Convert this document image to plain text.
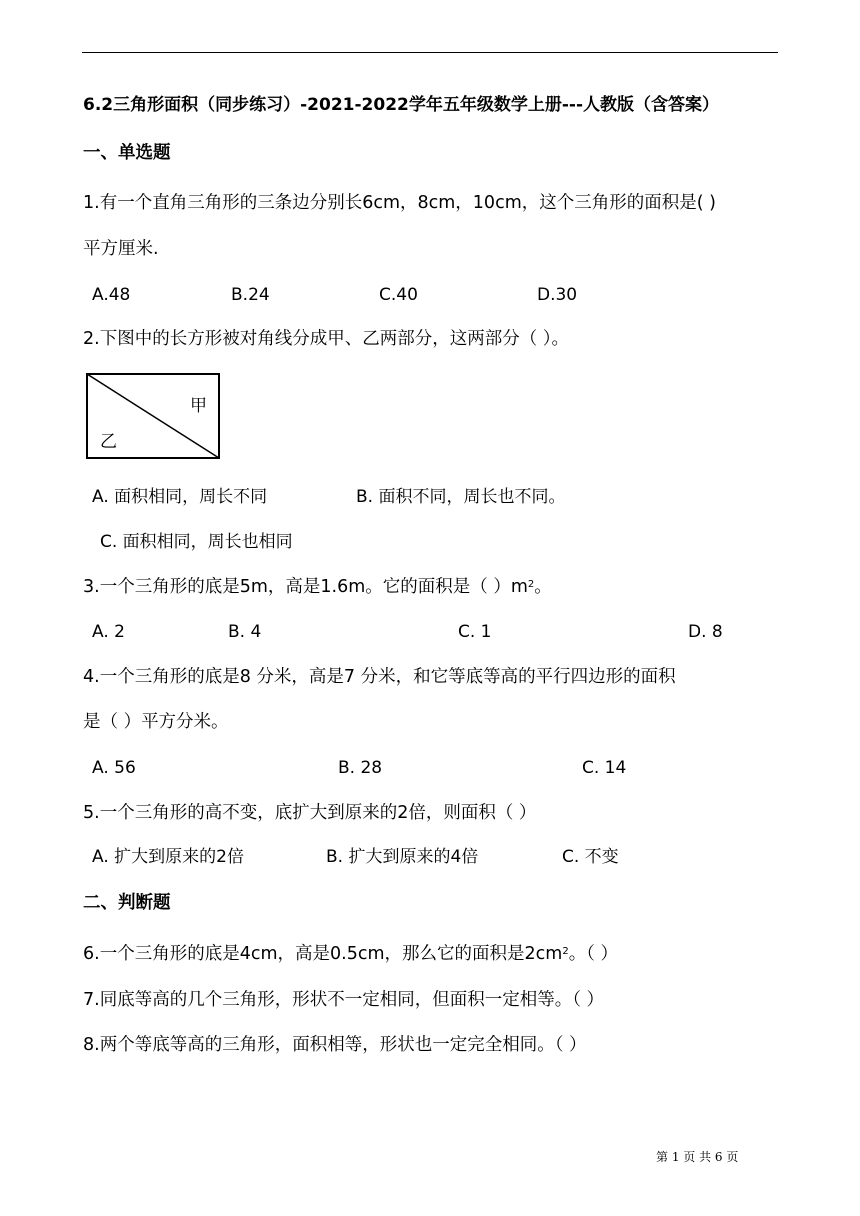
6.2三角形面积（同步练习）-2021-2022学年五年级数学上册---人教版（含答案）
一、单选题
1.有一个直角三角形的三条边分别长6cm，8cm，10cm，这个三角形的面积是( )
平方厘米.
A.48	B.24	C.40	D.30
2.下图中的长方形被对角线分成甲、乙两部分，这两部分（ ）。
甲
乙
A. 面积相同，周长不同	B. 面积不同，周长也不同。
C. 面积相同，周长也相同
3.一个三角形的底是5m，高是1.6m。它的面积是（ ）$m^2$。
A. 2	B. 4	C. 1	D. 8
4.一个三角形的底是8 分米，高是7 分米，和它等底等高的平行四边形的面积
是（ ）平方分米。
A. 56	B. 28	C. 14
5.一个三角形的高不变，底扩大到原来的2倍，则面积（ ）
A. 扩大到原来的2倍	B. 扩大到原来的4倍	C. 不变
二、判断题
6.一个三角形的底是4cm，高是0.5cm，那么它的面积是$2cm^2$。（ ）
7.同底等高的几个三角形，形状不一定相同，但面积一定相等。（ ）
8.两个等底等高的三角形，面积相等，形状也一定完全相同。（ ）
第 1 页 共 6 页
